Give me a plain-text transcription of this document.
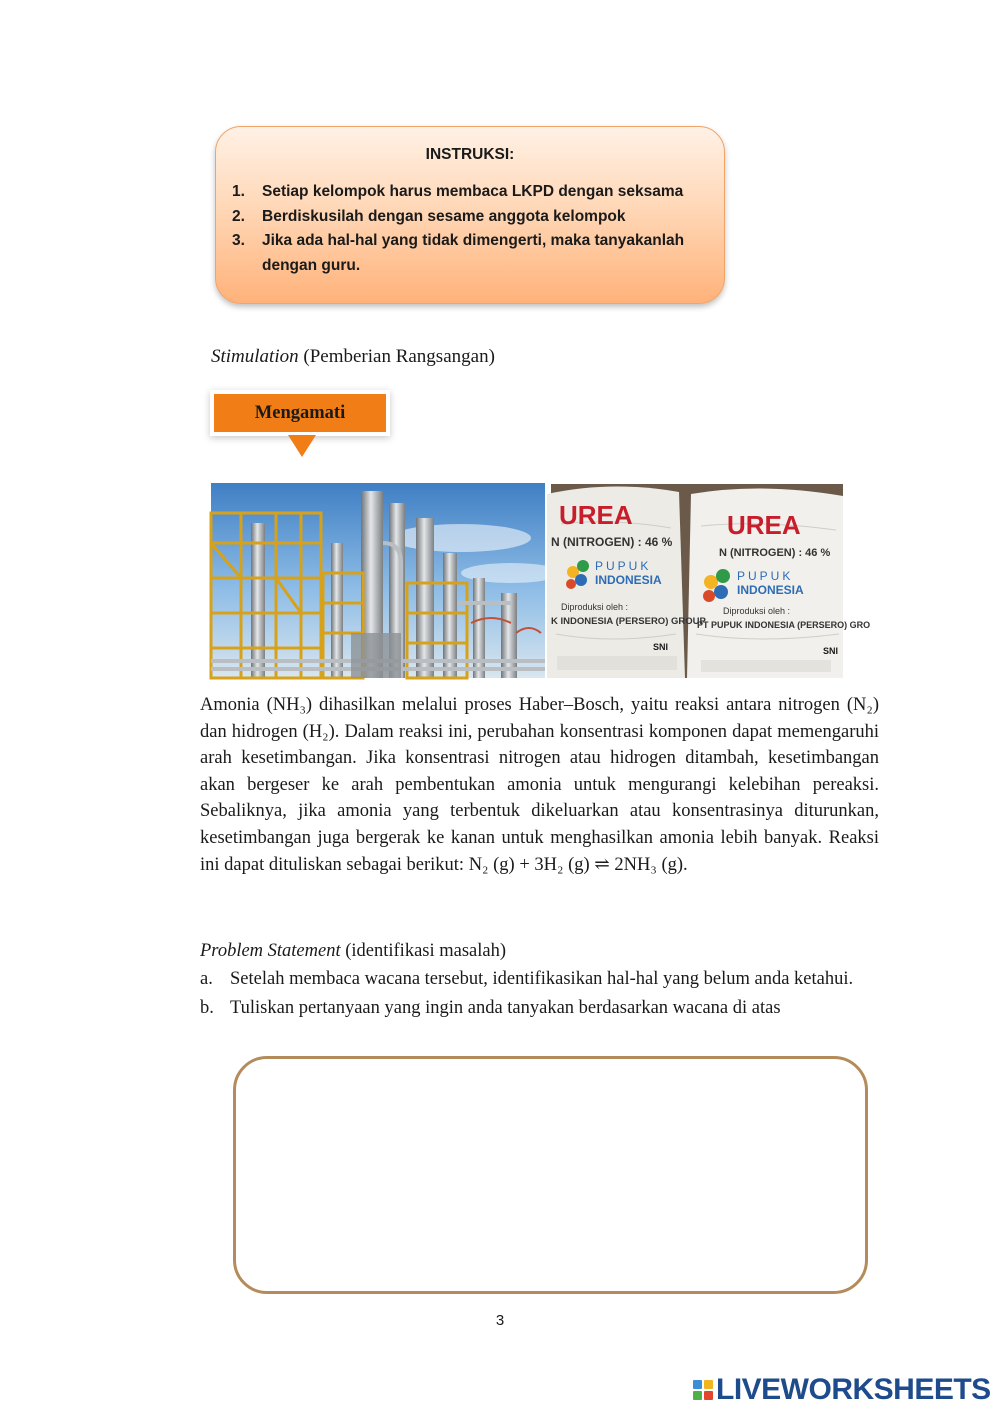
INSTRUKSI:
1. Setiap kelompok harus membaca LKPD dengan seksama
2. Berdiskusilah dengan sesame anggota kelompok
3. Jika ada hal-hal yang tidak dimengerti, maka tanyakanlah dengan guru.
Stimulation (Pemberian Rangsangan)
Mengamati
UREA	UREA
N (NITROGEN) : 46 %
N (NITROGEN) : 46 %
PUPUK
INDONESIA	PUPUK
INDONESIA
Diproduksi oleh :	Diproduksi oleh :
K INDONESIA (PERSERO) GROUP
PT PUPUK INDONESIA (PERSERO) GRO
SNI	SNI

Amonia (NH₃) dihasilkan melalui proses Haber–Bosch, yaitu reaksi antara nitrogen (N₂) dan hidrogen (H₂). Dalam reaksi ini, perubahan konsentrasi komponen dapat memengaruhi arah kesetimbangan. Jika konsentrasi nitrogen atau hidrogen ditambah, kesetimbangan akan bergeser ke arah pembentukan amonia untuk mengurangi kelebihan pereaksi. Sebaliknya, jika amonia yang terbentuk dikeluarkan atau konsentrasinya diturunkan, kesetimbangan juga bergerak ke kanan untuk menghasilkan amonia lebih banyak. Reaksi ini dapat dituliskan sebagai berikut: N₂ (g) + 3H₂ (g) ⇌ 2NH₃ (g).

Problem Statement (identifikasi masalah)
a. Setelah membaca wacana tersebut, identifikasikan hal-hal yang belum anda ketahui.
b. Tuliskan pertanyaan yang ingin anda tanyakan berdasarkan wacana di atas
3
LIVEWORKSHEETS
